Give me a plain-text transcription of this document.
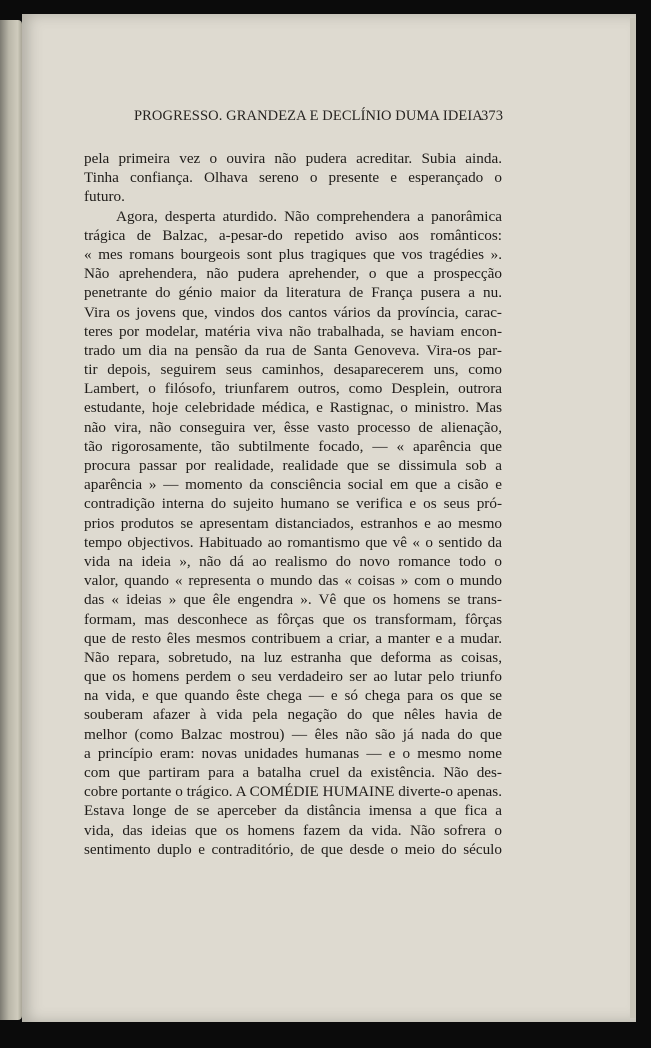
PROGRESSO. GRANDEZA E DECLÍNIO DUMA IDEIA
373
pela primeira vez o ouvira não pudera acreditar. Subia ainda.
Tinha confiança. Olhava sereno o presente e esperançado o
futuro.
Agora, desperta aturdido. Não comprehendera a panorâmica
trágica de Balzac, a-pesar-do repetido aviso aos românticos:
« mes romans bourgeois sont plus tragiques que vos tragédies ».
Não aprehendera, não pudera aprehender, o que a prospecção
penetrante do génio maior da literatura de França pusera a nu.
Vira os jovens que, vindos dos cantos vários da província, carac-
teres por modelar, matéria viva não trabalhada, se haviam encon-
trado um dia na pensão da rua de Santa Genoveva. Vira-os par-
tir depois, seguirem seus caminhos, desaparecerem uns, como
Lambert, o filósofo, triunfarem outros, como Desplein, outrora
estudante, hoje celebridade médica, e Rastignac, o ministro. Mas
não vira, não conseguira ver, êsse vasto processo de alienação,
tão rigorosamente, tão subtilmente focado, — « aparência que
procura passar por realidade, realidade que se dissimula sob a
aparência » — momento da consciência social em que a cisão e
contradição interna do sujeito humano se verifica e os seus pró-
prios produtos se apresentam distanciados, estranhos e ao mesmo
tempo objectivos. Habituado ao romantismo que vê « o sentido da
vida na ideia », não dá ao realismo do novo romance todo o
valor, quando « representa o mundo das « coisas » com o mundo
das « ideias » que êle engendra ». Vê que os homens se trans-
formam, mas desconhece as fôrças que os transformam, fôrças
que de resto êles mesmos contribuem a criar, a manter e a mudar.
Não repara, sobretudo, na luz estranha que deforma as coisas,
que os homens perdem o seu verdadeiro ser ao lutar pelo triunfo
na vida, e que quando êste chega — e só chega para os que se
souberam afazer à vida pela negação do que nêles havia de
melhor (como Balzac mostrou) — êles não são já nada do que
a princípio eram: novas unidades humanas — e o mesmo nome
com que partiram para a batalha cruel da existência. Não des-
cobre portante o trágico. A COMÉDIE HUMAINE diverte-o apenas.
Estava longe de se aperceber da distância imensa a que fica a
vida, das ideias que os homens fazem da vida. Não sofrera o
sentimento duplo e contraditório, de que desde o meio do século
